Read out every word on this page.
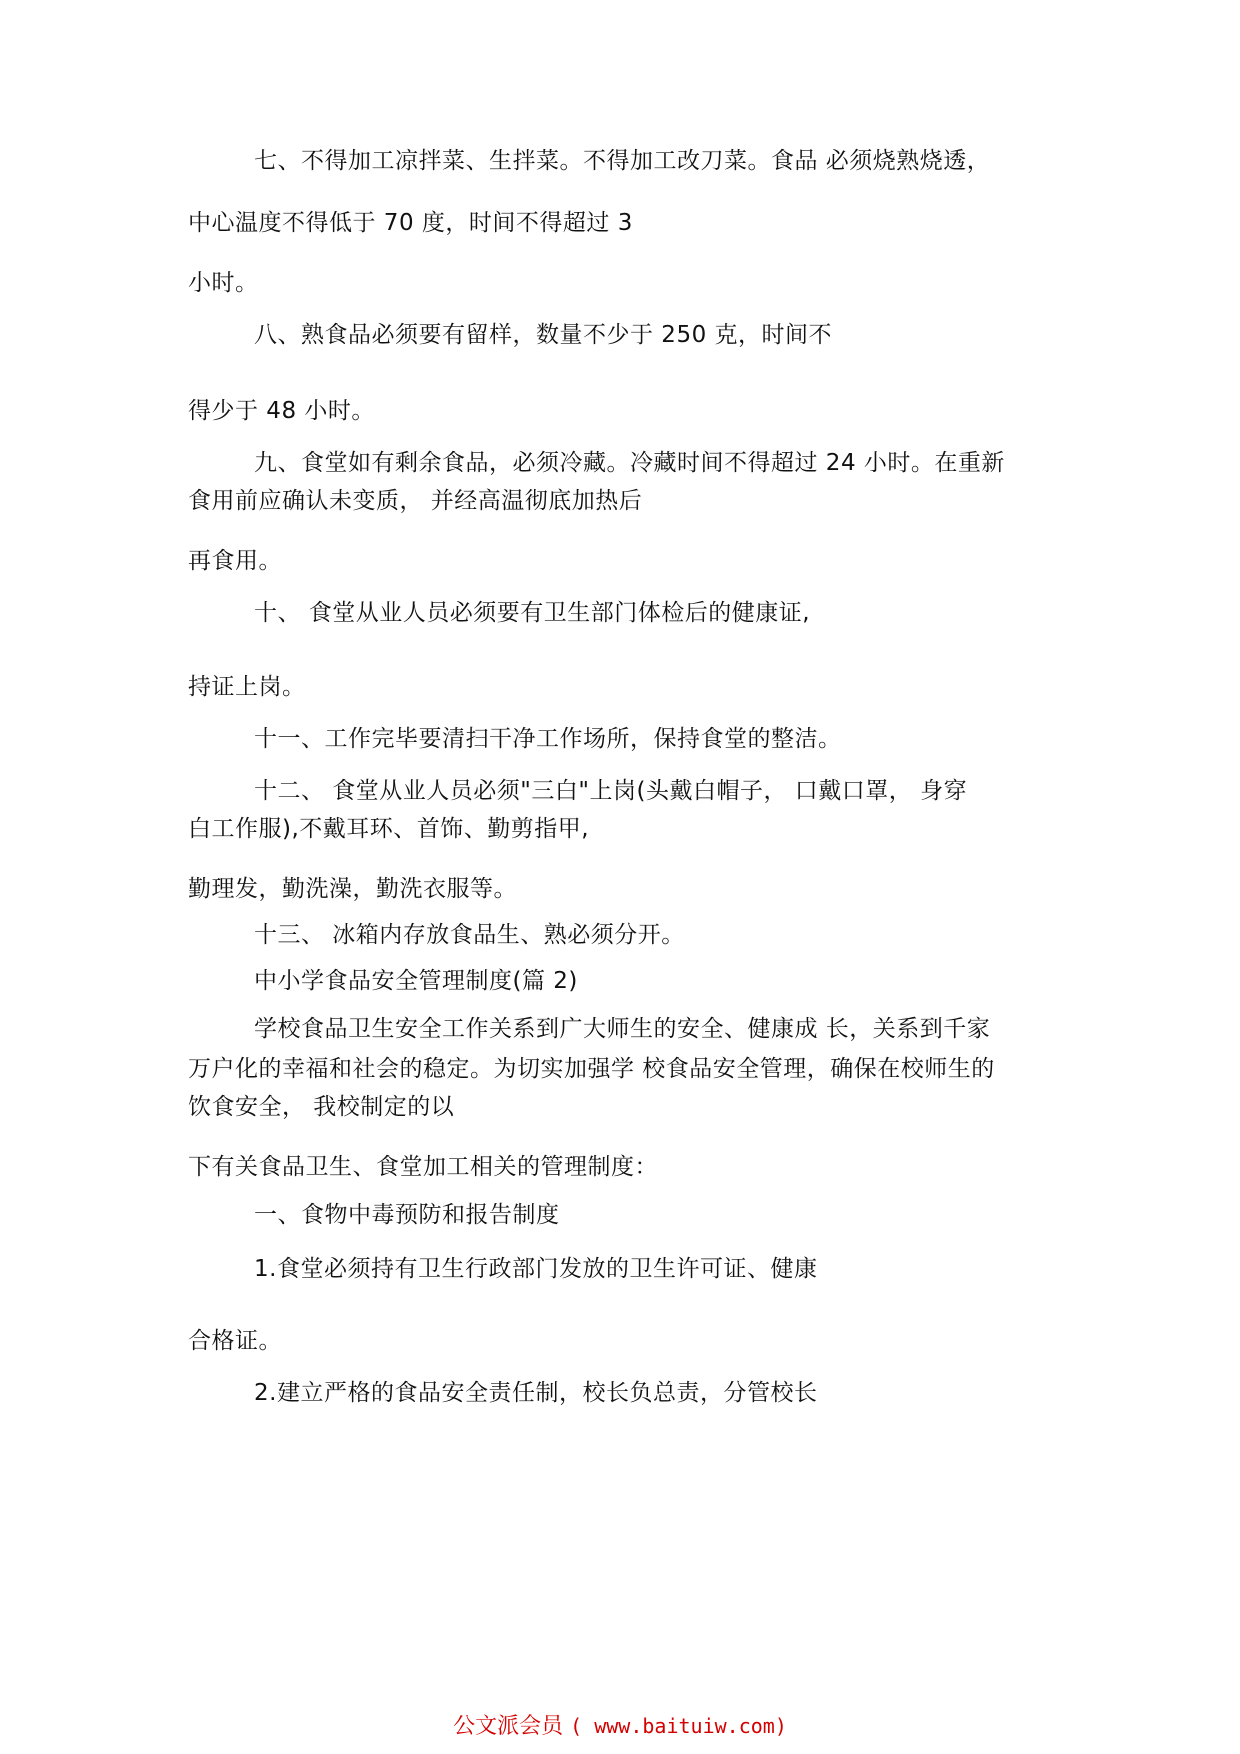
七、不得加工凉拌菜、生拌菜。不得加工改刀菜。食品 必须烧熟烧透，
中心温度不得低于 70 度，时间不得超过 3
小时。
八、熟食品必须要有留样，数量不少于 250 克，时间不
得少于 48 小时。
九、食堂如有剩余食品，必须冷藏。冷藏时间不得超过 24 小时。在重新
食用前应确认未变质， 并经高温彻底加热后
再食用。
十、 食堂从业人员必须要有卫生部门体检后的健康证,
持证上岗。
十一、工作完毕要清扫干净工作场所，保持食堂的整洁。
十二、 食堂从业人员必须"三白"上岗(头戴白帽子， 口戴口罩， 身穿
白工作服),不戴耳环、首饰、勤剪指甲,
勤理发，勤洗澡，勤洗衣服等。
十三、 冰箱内存放食品生、熟必须分开。
中小学食品安全管理制度(篇 2)
学校食品卫生安全工作关系到广大师生的安全、健康成 长，关系到千家
万户化的幸福和社会的稳定。为切实加强学 校食品安全管理，确保在校师生的
饮食安全， 我校制定的以
下有关食品卫生、食堂加工相关的管理制度：
一、食物中毒预防和报告制度
1.食堂必须持有卫生行政部门发放的卫生许可证、健康
合格证。
2.建立严格的食品安全责任制，校长负总责，分管校长
公文派会员 ( www.baituiw.com)
